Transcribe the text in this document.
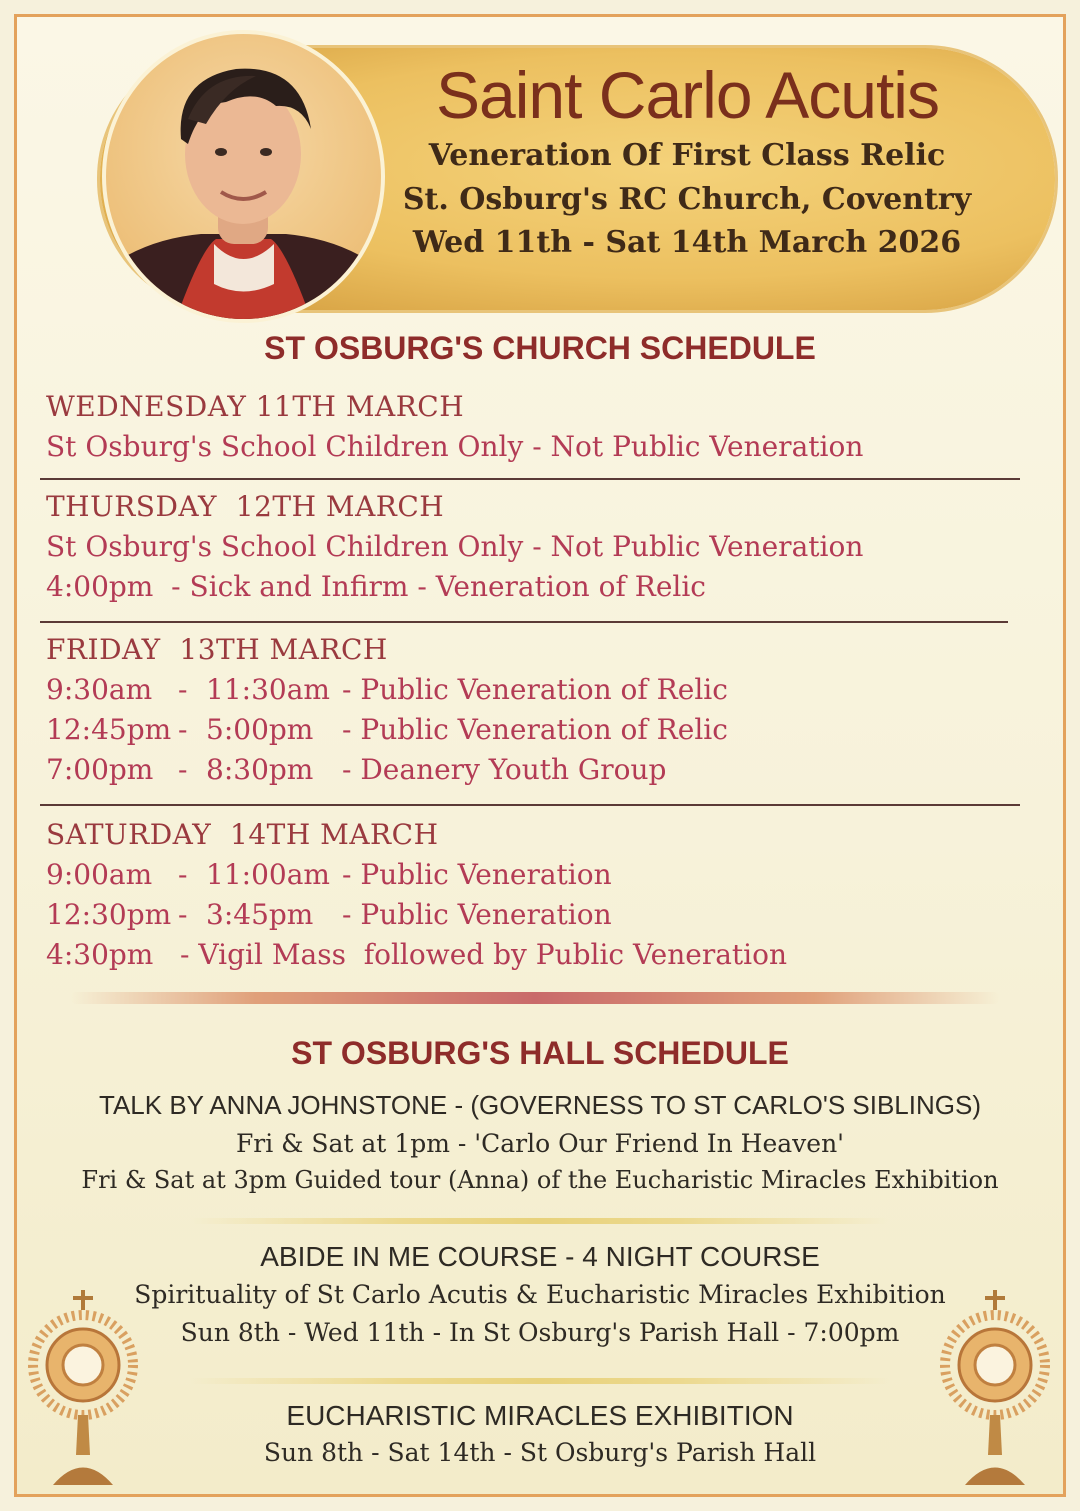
Saint Carlo Acutis
Veneration Of First Class Relic
St. Osburg's RC Church, Coventry
Wed 11th - Sat 14th March 2026
ST OSBURG'S CHURCH SCHEDULE
WEDNESDAY 11TH MARCH
St Osburg's School Children Only - Not Public Veneration
THURSDAY  12TH MARCH
St Osburg's School Children Only - Not Public Veneration
4:00pm  - Sick and Infirm - Veneration of Relic
FRIDAY  13TH MARCH
9:30am - 11:30am - Public Veneration of Relic
12:45pm - 5:00pm - Public Veneration of Relic
7:00pm - 8:30pm - Deanery Youth Group
SATURDAY  14TH MARCH
9:00am - 11:00am - Public Veneration
12:30pm - 3:45pm - Public Veneration
4:30pm   - Vigil Mass  followed by Public Veneration
ST OSBURG'S HALL SCHEDULE
TALK BY ANNA JOHNSTONE - (GOVERNESS TO ST CARLO'S SIBLINGS)
Fri & Sat at 1pm - 'Carlo Our Friend In Heaven'
Fri & Sat at 3pm Guided tour (Anna) of the Eucharistic Miracles Exhibition
ABIDE IN ME COURSE - 4 NIGHT COURSE
Spirituality of St Carlo Acutis & Eucharistic Miracles Exhibition
Sun 8th - Wed 11th - In St Osburg's Parish Hall - 7:00pm
EUCHARISTIC MIRACLES EXHIBITION
Sun 8th - Sat 14th - St Osburg's Parish Hall
